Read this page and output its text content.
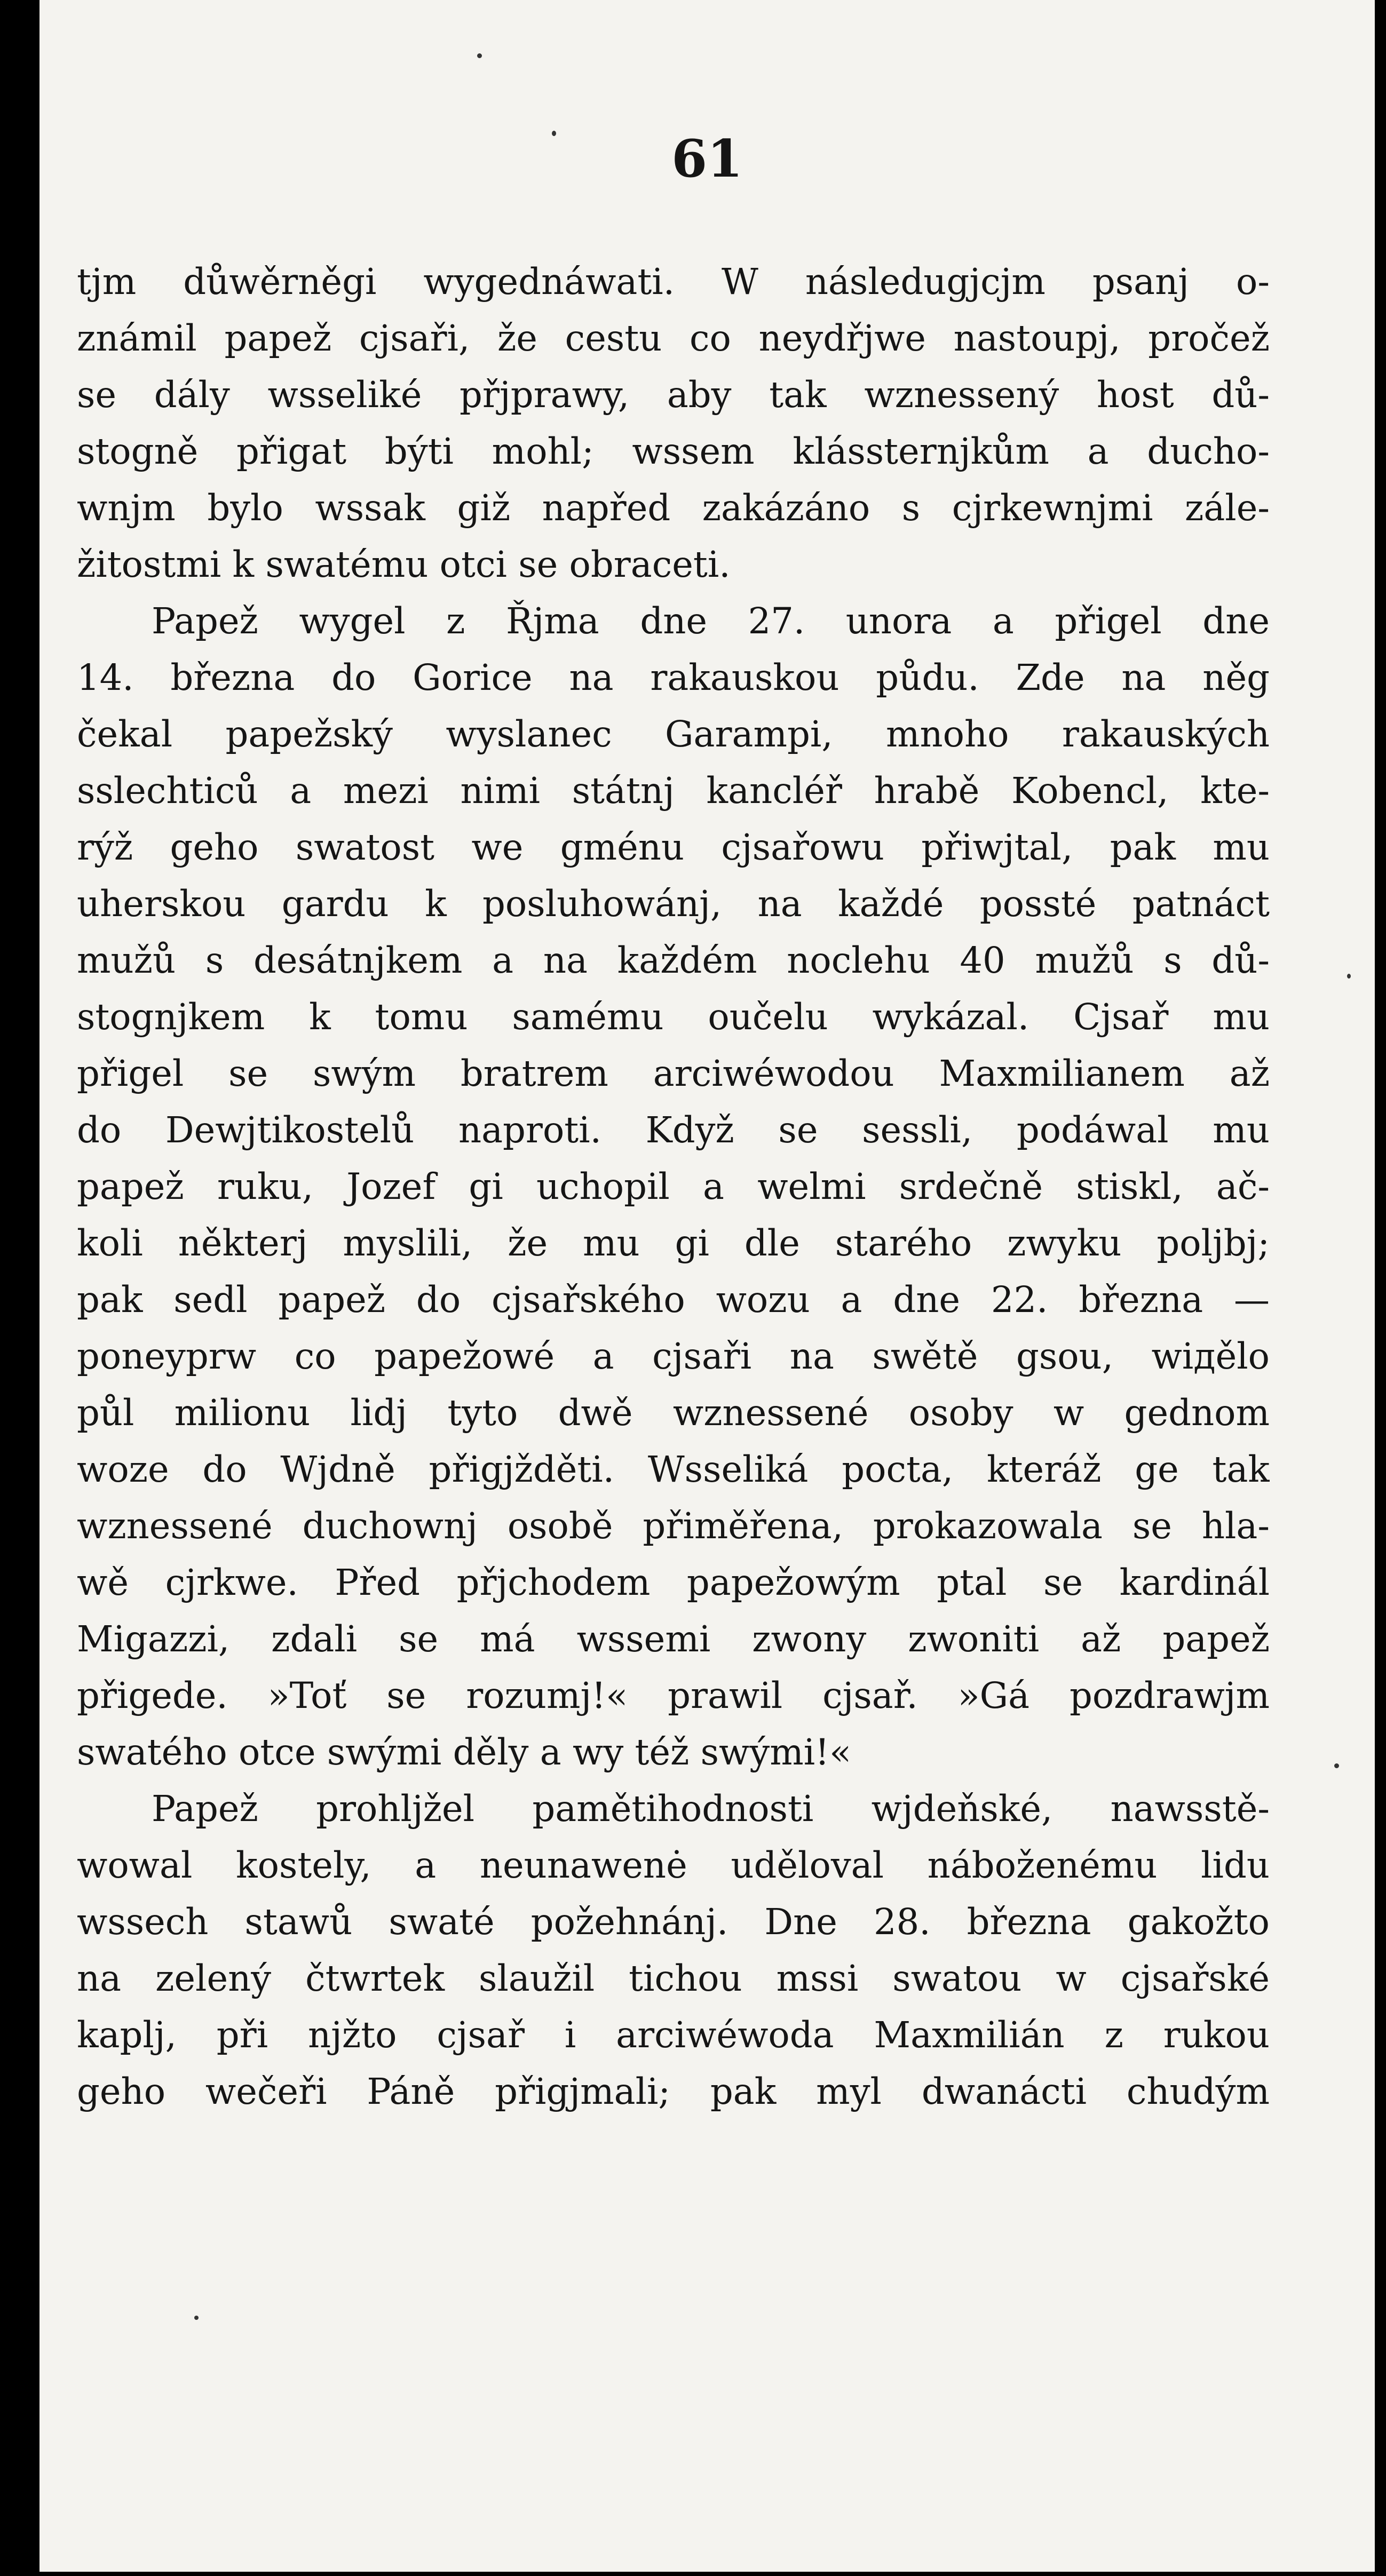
61
tjm důwěrněgi wygednáwati. W následugjcjm psanj o-
známil papež cjsaři, že cestu co neydřjwe nastoupj, pročež
se dály wsseliké přjprawy, aby tak wznessený host dů-
stogně přigat býti mohl; wssem klássternjkům a ducho-
wnjm bylo wssak giž napřed zakázáno s cjrkewnjmi zále-
žitostmi k swatému otci se obraceti.
Papež wygel z Řjma dne 27. unora a přigel dne
14. března do Gorice na rakauskou půdu. Zde na něg
čekal papežský wyslanec Garampi, mnoho rakauských
sslechticů a mezi nimi státnj kancléř hrabě Kobencl, kte-
rýž geho swatost we gménu cjsařowu přiwjtal, pak mu
uherskou gardu k posluhowánj, na každé possté patnáct
mužů s desátnjkem a na každém noclehu 40 mužů s dů-
stognjkem k tomu samému oučelu wykázal. Cjsař mu
přigel se swým bratrem arciwéwodou Maxmilianem až
do Dewjtikostelů naproti. Když se sessli, podáwal mu
papež ruku, Jozef gi uchopil a welmi srdečně stiskl, ač-
koli některj myslili, že mu gi dle starého zwyku poljbj;
pak sedl papež do cjsařského wozu a dne 22. března —
poneyprw co papežowé a cjsaři na swětě gsou, wiдělo
půl milionu lidj tyto dwě wznessené osoby w gednom
woze do Wjdně přigjžděti. Wsseliká pocta, kteráž ge tak
wznessené duchownj osobě přiměřena, prokazowala se hla-
wě cjrkwe. Před přjchodem papežowým ptal se kardinál
Migazzi, zdali se má wssemi zwony zwoniti až papež
přigede. »Toť se rozumj!« prawil cjsař. »Gá pozdrawjm
swatého otce swými děly a wy též swými!«
Papež prohljžel pamětihodnosti wjdeňské, nawsstě-
wowal kostely, a neunawenė uděloval náboženému lidu
wssech stawů swaté požehnánj. Dne 28. března gakožto
na zelený čtwrtek slaužil tichou mssi swatou w cjsařské
kaplj, při njžto cjsař i arciwéwoda Maxmilián z rukou
geho wečeři Páně přigjmali; pak myl dwanácti chudým
